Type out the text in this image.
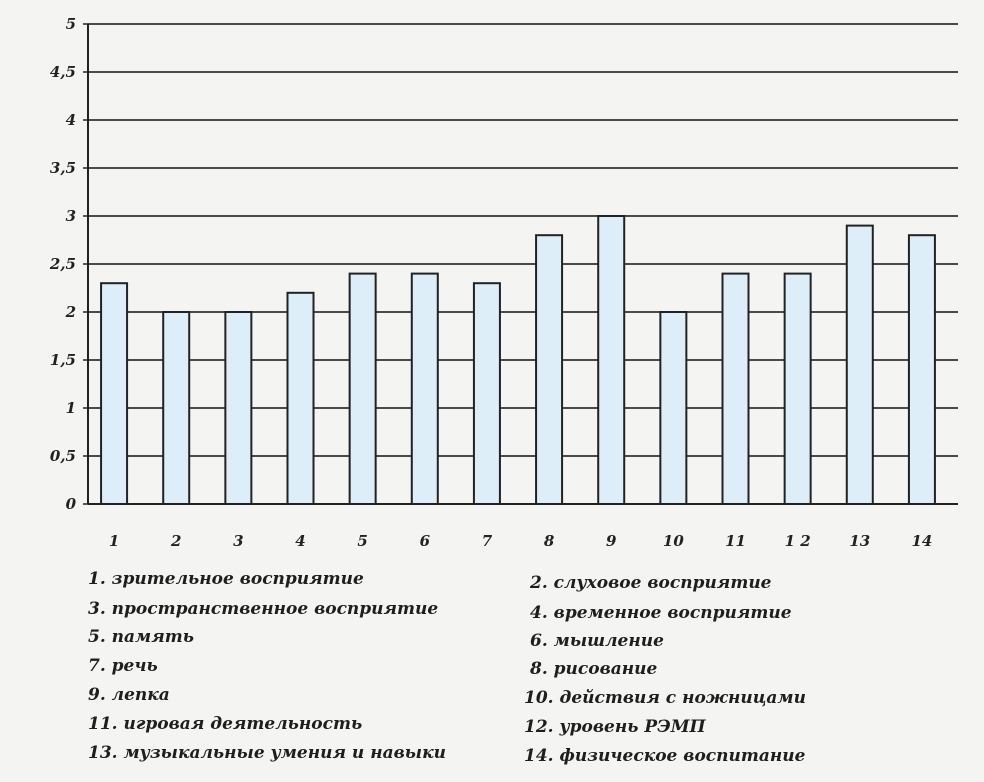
0
0,5
1
1,5
2
2,5
3
3,5
4
4,5
5
1	2	3	4	5	6	7	8	9	10	11	1 2	13	14
1. зрительное восприятие	2. слуховое восприятие
3. пространственное восприятие	4. временное восприятие
5. память	6. мышление
7. речь	8. рисование
9. лепка	10. действия с ножницами
11. игровая деятельность	12. уровень РЭМП
13. музыкальные умения и навыки	14. физическое воспитание
